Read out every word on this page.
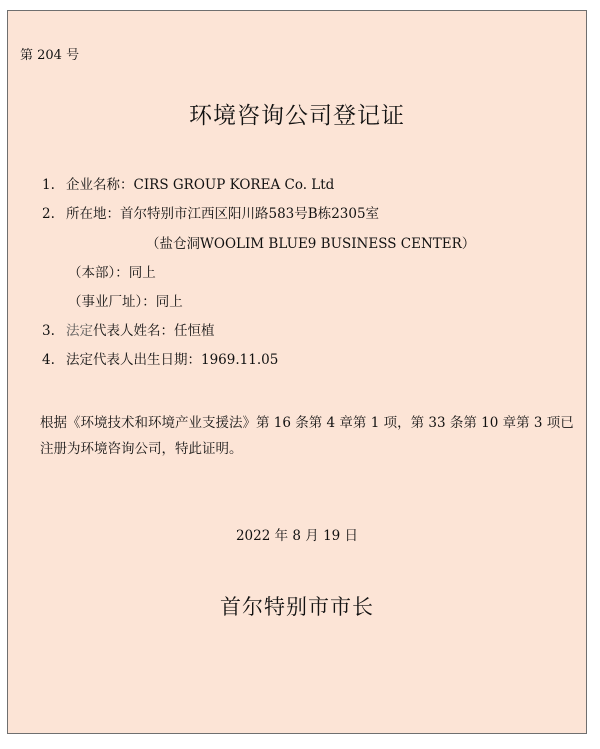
第 204 号
环境咨询公司登记证
1. 企业名称：CIRS GROUP KOREA Co. Ltd
2. 所在地：首尔特别市江西区阳川路583号B栋2305室
（盐仓洞WOOLIM BLUE9 BUSINESS CENTER）
（本部）：同上
（事业厂址）：同上
3. 法定代表人姓名：任恒植
4. 法定代表人出生日期：1969.11.05
根据《环境技术和环境产业支援法》第 16 条第 4 章第 1 项，第 33 条第 10 章第 3 项已注册为环境咨询公司，特此证明。
2022 年 8 月 19 日
首尔特别市市长
